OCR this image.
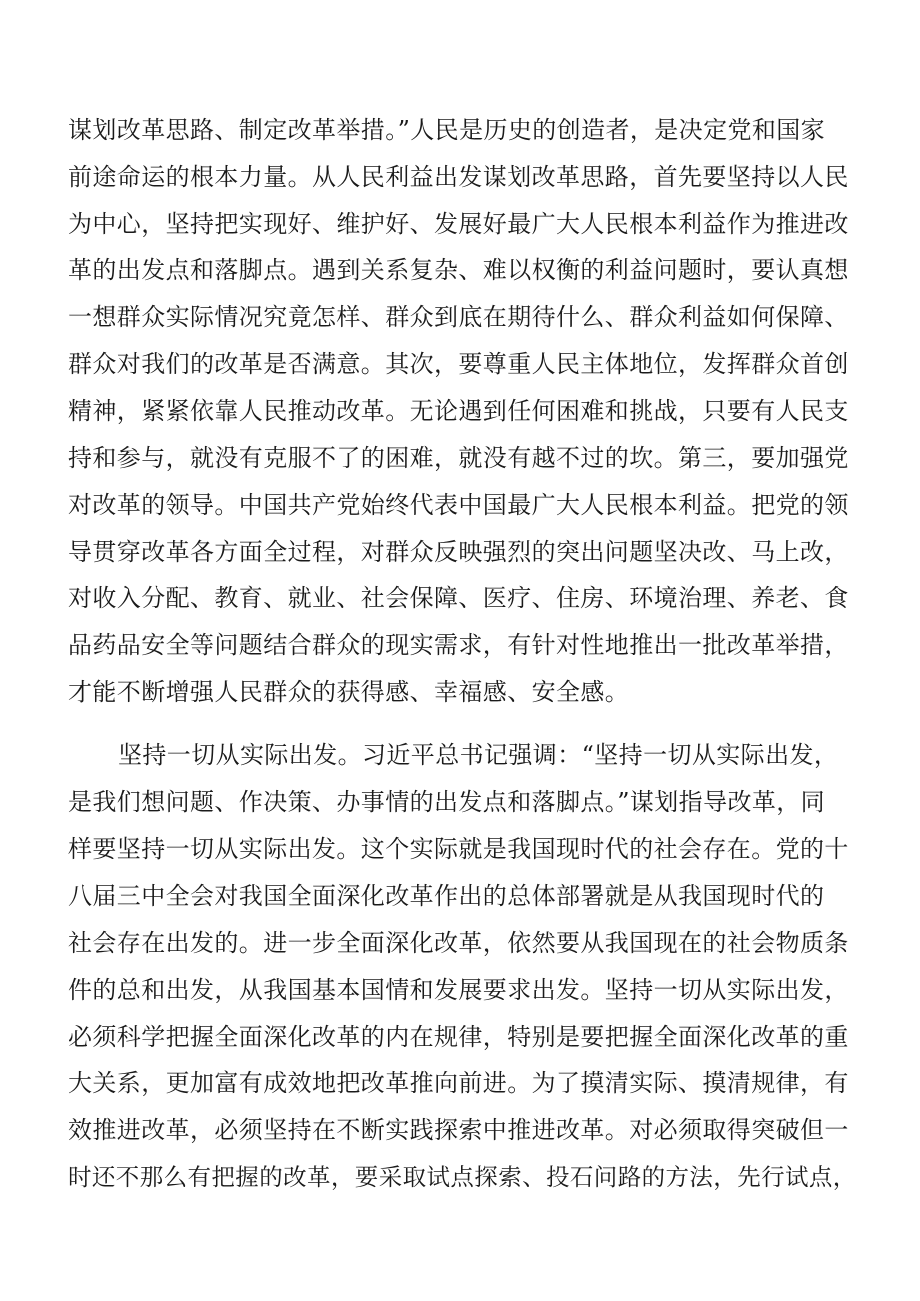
谋划改革思路、制定改革举措。”人民是历史的创造者，是决定党和国家
前途命运的根本力量。从人民利益出发谋划改革思路，首先要坚持以人民
为中心，坚持把实现好、维护好、发展好最广大人民根本利益作为推进改
革的出发点和落脚点。遇到关系复杂、难以权衡的利益问题时，要认真想
一想群众实际情况究竟怎样、群众到底在期待什么、群众利益如何保障、
群众对我们的改革是否满意。其次，要尊重人民主体地位，发挥群众首创
精神，紧紧依靠人民推动改革。无论遇到任何困难和挑战，只要有人民支
持和参与，就没有克服不了的困难，就没有越不过的坎。第三，要加强党
对改革的领导。中国共产党始终代表中国最广大人民根本利益。把党的领
导贯穿改革各方面全过程，对群众反映强烈的突出问题坚决改、马上改，
对收入分配、教育、就业、社会保障、医疗、住房、环境治理、养老、食
品药品安全等问题结合群众的现实需求，有针对性地推出一批改革举措，
才能不断增强人民群众的获得感、幸福感、安全感。
坚持一切从实际出发。习近平总书记强调：“坚持一切从实际出发，
是我们想问题、作决策、办事情的出发点和落脚点。”谋划指导改革，同
样要坚持一切从实际出发。这个实际就是我国现时代的社会存在。党的十
八届三中全会对我国全面深化改革作出的总体部署就是从我国现时代的
社会存在出发的。进一步全面深化改革，依然要从我国现在的社会物质条
件的总和出发，从我国基本国情和发展要求出发。坚持一切从实际出发，
必须科学把握全面深化改革的内在规律，特别是要把握全面深化改革的重
大关系，更加富有成效地把改革推向前进。为了摸清实际、摸清规律，有
效推进改革，必须坚持在不断实践探索中推进改革。对必须取得突破但一
时还不那么有把握的改革，要采取试点探索、投石问路的方法，先行试点，
